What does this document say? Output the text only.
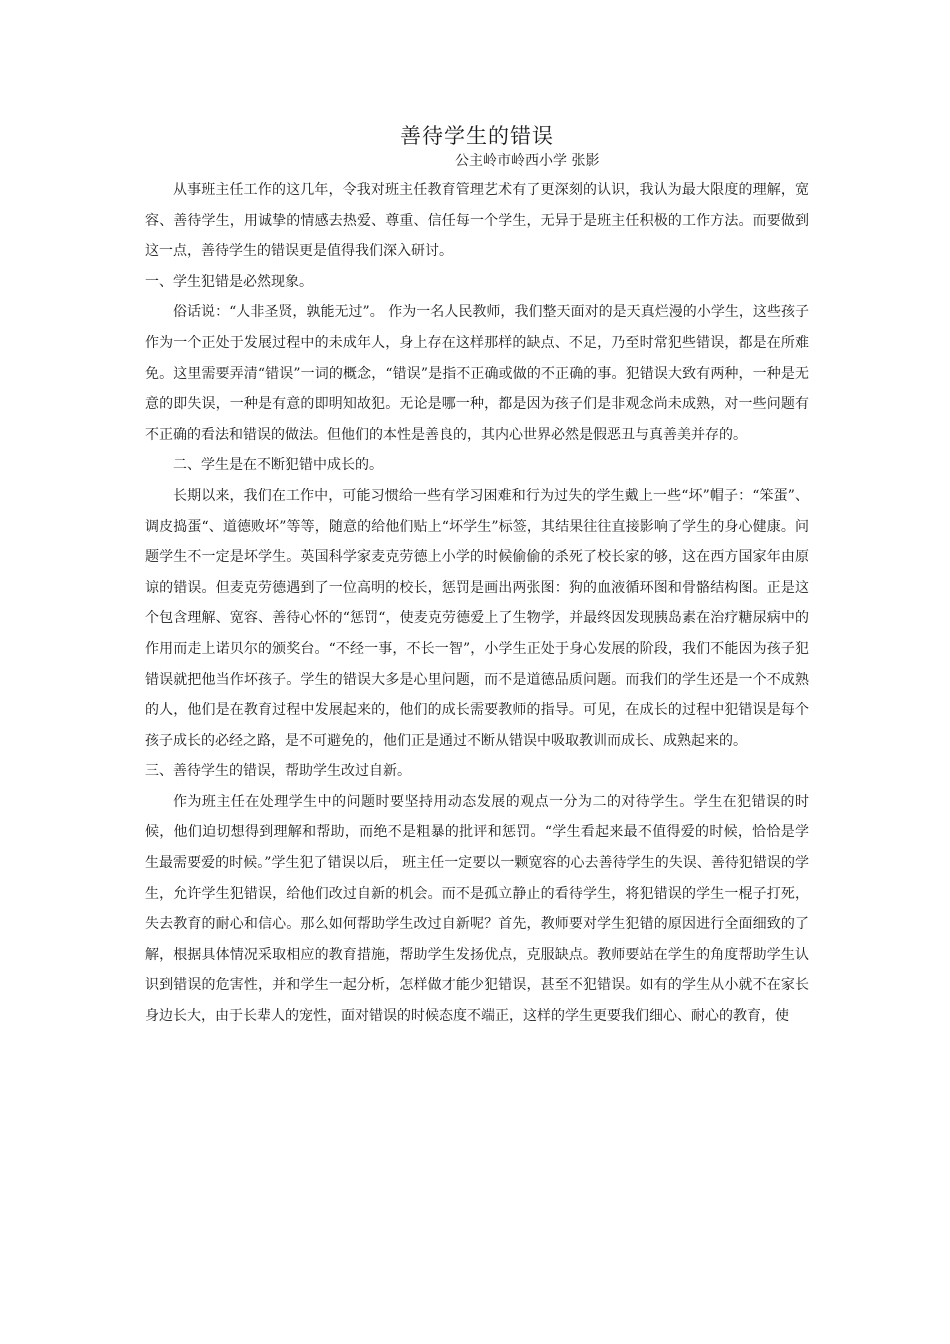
善待学生的错误

公主岭市岭西小学 张影

从事班主任工作的这几年，令我对班主任教育管理艺术有了更深刻的认识，我认为最大限度的理解，宽容、善待学生，用诚挚的情感去热爱、尊重、信任每一个学生，无异于是班主任积极的工作方法。而要做到这一点，善待学生的错误更是值得我们深入研讨。

一、学生犯错是必然现象。

俗话说：“人非圣贤，孰能无过”。 作为一名人民教师，我们整天面对的是天真烂漫的小学生，这些孩子作为一个正处于发展过程中的未成年人，身上存在这样那样的缺点、不足，乃至时常犯些错误，都是在所难免。这里需要弄清“错误”一词的概念，“错误”是指不正确或做的不正确的事。犯错误大致有两种，一种是无意的即失误，一种是有意的即明知故犯。无论是哪一种，都是因为孩子们是非观念尚未成熟，对一些问题有不正确的看法和错误的做法。但他们的本性是善良的，其内心世界必然是假恶丑与真善美并存的。

二、学生是在不断犯错中成长的。

长期以来，我们在工作中，可能习惯给一些有学习困难和行为过失的学生戴上一些“坏”帽子：“笨蛋”、调皮捣蛋“、道德败坏”等等，随意的给他们贴上“坏学生”标签，其结果往往直接影响了学生的身心健康。问题学生不一定是坏学生。英国科学家麦克劳德上小学的时候偷偷的杀死了校长家的够，这在西方国家年由原谅的错误。但麦克劳德遇到了一位高明的校长，惩罚是画出两张图：狗的血液循环图和骨骼结构图。正是这个包含理解、宽容、善待心怀的“惩罚“，使麦克劳德爱上了生物学，并最终因发现胰岛素在治疗糖尿病中的作用而走上诺贝尔的颁奖台。“不经一事，不长一智”，小学生正处于身心发展的阶段，我们不能因为孩子犯错误就把他当作坏孩子。学生的错误大多是心里问题，而不是道德品质问题。而我们的学生还是一个不成熟的人，他们是在教育过程中发展起来的，他们的成长需要教师的指导。可见，在成长的过程中犯错误是每个孩子成长的必经之路，是不可避免的，他们正是通过不断从错误中吸取教训而成长、成熟起来的。

三、善待学生的错误，帮助学生改过自新。

作为班主任在处理学生中的问题时要坚持用动态发展的观点一分为二的对待学生。学生在犯错误的时候，他们迫切想得到理解和帮助，而绝不是粗暴的批评和惩罚。“学生看起来最不值得爱的时候，恰恰是学生最需要爱的时候。”学生犯了错误以后， 班主任一定要以一颗宽容的心去善待学生的失误、善待犯错误的学生，允许学生犯错误，给他们改过自新的机会。而不是孤立静止的看待学生，将犯错误的学生一棍子打死，失去教育的耐心和信心。那么如何帮助学生改过自新呢？首先，教师要对学生犯错的原因进行全面细致的了解，根据具体情况采取相应的教育措施，帮助学生发扬优点，克服缺点。教师要站在学生的角度帮助学生认识到错误的危害性，并和学生一起分析，怎样做才能少犯错误，甚至不犯错误。如有的学生从小就不在家长身边长大，由于长辈人的宠性，面对错误的时候态度不端正，这样的学生更要我们细心、耐心的教育，使
